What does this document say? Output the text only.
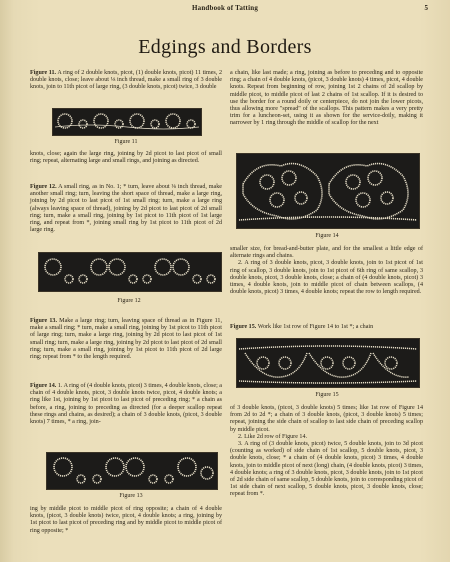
Handbook of Tatting	5
Edgings and Borders

Figure 11. A ring of 2 double knots, picot, (1) double knots, picot) 11 times, 2 double knots, close; leave about ⅛ inch thread, make a small ring of 3 double knots, join to 11th picot of large ring, (3 double knots, picot) twice, 3 double

Figure 11

knots, close; again the large ring, joining by 2d picot to last picot of small ring; repeat, alternating large and small rings, and joining as directed.

Figure 12. A small ring, as in No. 1; * turn, leave about ⅛ inch thread, make another small ring; turn, leaving the short space of thread, make a large ring, joining by 2d picot to last picot of 1st small ring; turn, make a large ring (always leaving space of thread), joining by 2d picot to last picot of 2d small ring; turn, make a small ring, joining by 1st picot to 11th picot of 1st large ring, and repeat from *, joining small ring by 1st picot to 11th picot of 2d large ring.

Figure 12

Figure 13. Make a large ring; turn, leaving space of thread as in Figure 11, make a small ring; * turn, make a small ring, joining by 1st picot to 11th picot of large ring; turn, make a large ring, joining by 2d picot to last picot of 1st small ring; turn, make a large ring, joining by 2d picot to last picot of 2d small ring; turn, make a small ring, joining by 1st picot to 11th picot of 2d large ring; repeat from * to the length required.

Figure 14. 1. A ring of (4 double knots, picot) 3 times, 4 double knots, close; a chain of 4 double knots, picot, 3 double knots twice, picot, 4 double knots; a ring like 1st, joining by 1st picot to last picot of preceding ring; * a chain as before, a ring, joining to preceding as directed (for a deeper scallop repeat these rings and chains, as desired); a chain of 3 double knots, (picot, 3 double knots) 7 times, * a ring, join-

Figure 13

ing by middle picot to middle picot of ring opposite; a chain of 4 double knots, (picot, 3 double knots) twice, picot, 4 double knots; a ring, joining by 1st picot to last picot of preceding ring and by middle picot to middle picot of ring opposite; *

a chain, like last made; a ring, joining as before to preceding and to opposite ring; a chain of 4 double knots, (picot, 3 double knots) 4 times, picot, 4 double knots. Repeat from beginning of row, joining 1st 2 chains of 2d scallop by middle picot, to middle picot of last 2 chains of 1st scallop. If it is desired to use the border for a round doily or centerpiece, do not join the lower picots, thus allowing more "spread" of the scallops. This pattern makes a very pretty trim for a luncheon-set, using it as shown for the service-doily, making it narrower by 1 ring through the middle of scallop for the next

Figure 14

smaller size, for bread-and-butter plate, and for the smallest a little edge of alternate rings and chains.

2. A ring of 3 double knots, picot, 3 double knots, join to 1st picot of 1st ring of scallop, 3 double knots, join to 1st picot of 6th ring of same scallop, 3 double knots, picot, 3 double knots, close; a chain of (4 double knots, picot) 3 times, 4 double knots, join to middle picot of chain between scallops, (4 double knots, picot) 3 times, 4 double knots; repeat the row to length required.

Figure 15. Work like 1st row of Figure 14 to 1st *; a chain

Figure 15

of 3 double knots, (picot, 3 double knots) 5 times; like 1st row of Figure 14 from 2d to 2d *; a chain of 3 double knots, (picot, 3 double knots) 5 times; repeat, joining the side chain of scallop to last side chain of preceding scallop by middle picot.

2. Like 2d row of Figure 14.

3. A ring of (3 double knots, picot) twice, 5 double knots, join to 3d picot (counting as worked) of side chain of 1st scallop, 5 double knots, picot, 3 double knots, close; * a chain of (4 double knots, picot) 3 times, 4 double knots, join to middle picot of next (long) chain, (4 double knots, picot) 3 times, 4 double knots; a ring of 3 double knots, picot, 3 double knots, join to 1st picot of 2d side chain of same scallop, 5 double knots, join to corresponding picot of 1st side chain of next scallop, 5 double knots, picot, 3 double knots, close; repeat from *.
